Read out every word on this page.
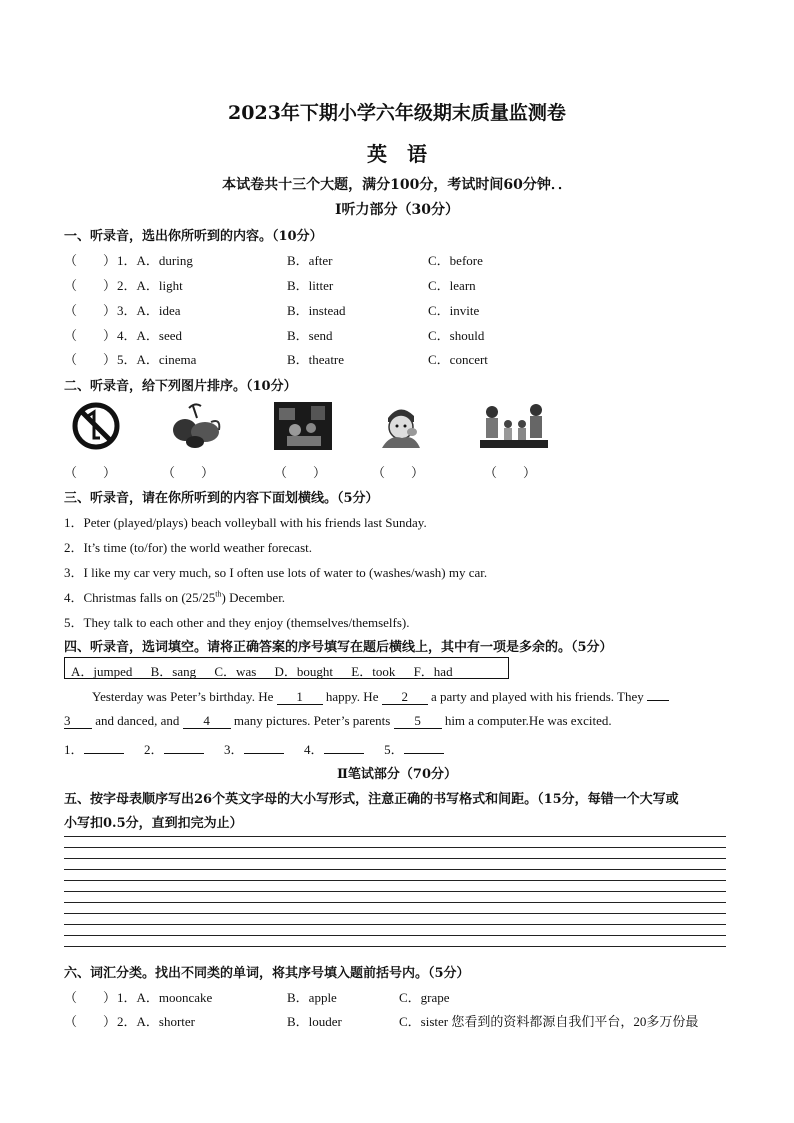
2023年下期小学六年级期末质量监测卷
英　语
本试卷共十三个大题，满分100分，考试时间60分钟．．
Ⅰ听力部分（30分）
一、听录音，选出你所听到的内容。（10分）
（　　） 1．A．during	B．after	C．before
（　　） 2．A．light	B．litter	C．learn
（　　） 3．A．idea	B．instead	C．invite
（　　） 4．A．seed	B．send	C．should
（　　） 5．A．cinema	B．theatre	C．concert
二、听录音，给下列图片排序。（10分）
（　　）	（　　）	（　　）	（　　）	（　　）
三、听录音，请在你所听到的内容下面划横线。（5分）
1．Peter (played/plays) beach volleyball with his friends last Sunday.
2．It’s time (to/for) the world weather forecast.
3．I like my car very much, so I often use lots of water to (washes/wash) my car.
4．Christmas falls on (25/25th) December.
5．They talk to each other and they enjoy (themselves/themselfs).
四、听录音，选词填空。请将正确答案的序号填写在题后横线上，其中有一项是多余的。（5分）
A．jumped　 B．sang　 C．was　 D．bought　 E．took　 F．had
Yesterday was Peter’s birthday. He 1 happy. He 2 a party and played with his friends. They
3 and danced, and 4 many pictures. Peter’s parents 5 him a computer.He was excited.
1．	2．	3．	4．	5．
Ⅱ笔试部分（70分）
五、按字母表顺序写出26个英文字母的大小写形式，注意正确的书写格式和间距。（15分，每错一个大写或
小写扣0.5分，直到扣完为止）
六、词汇分类。找出不同类的单词，将其序号填入题前括号内。（5分）
（　　） 1．A．mooncake	B．apple	C．grape
（　　） 2．A．shorter	B．louder	C．sister 您看到的资料都源自我们平台，20多万份最
